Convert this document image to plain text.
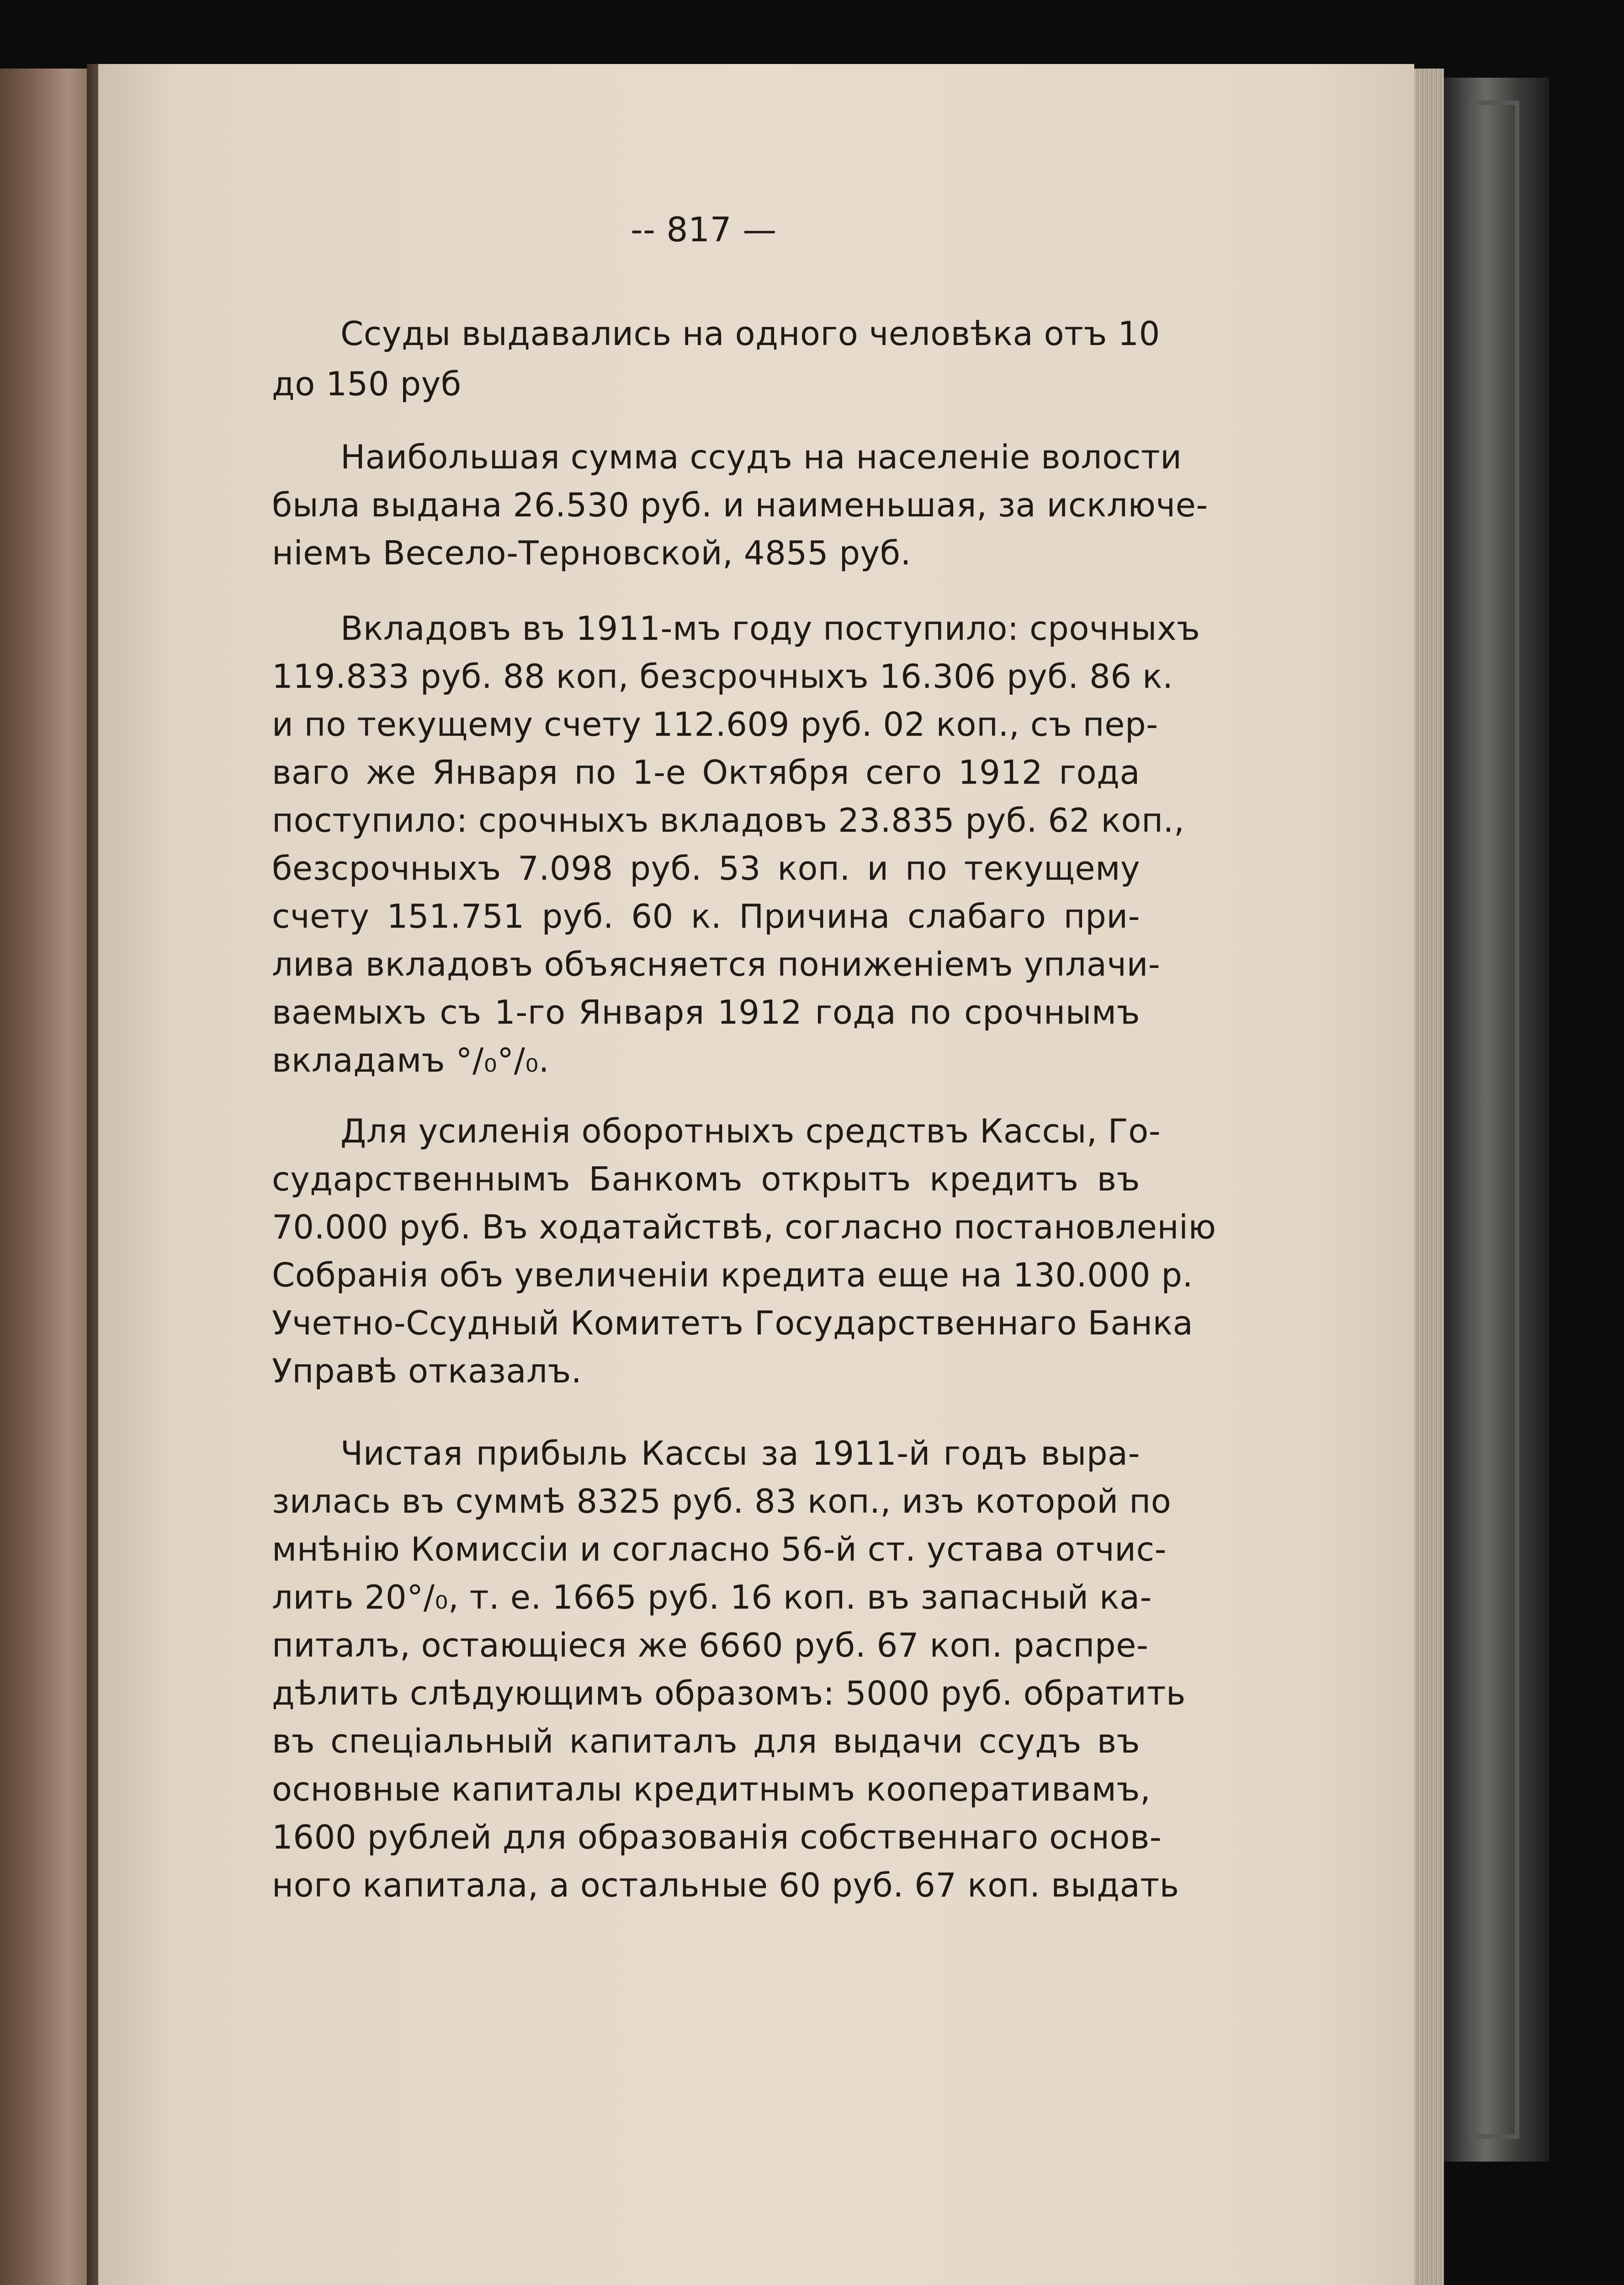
-- 817 —
Ссуды выдавались на одного человѣка отъ 10
до 150 руб
Наибольшая сумма ссудъ на населеніе волости
была выдана 26.530 руб. и наименьшая, за исключе-
ніемъ Весело-Терновской, 4855 руб.
Вкладовъ въ 1911-мъ году поступило: срочныхъ
119.833 руб. 88 коп, безсрочныхъ 16.306 руб. 86 к.
и по текущему счету 112.609 руб. 02 коп., съ пер-
ваго же Января по 1-е Октября сего 1912 года
поступило: срочныхъ вкладовъ 23.835 руб. 62 коп.,
безсрочныхъ 7.098 руб. 53 коп. и по текущему
счету 151.751 руб. 60 к. Причина слабаго при-
лива вкладовъ объясняется пониженіемъ уплачи-
ваемыхъ съ 1-го Января 1912 года по срочнымъ
вкладамъ °/₀°/₀.
Для усиленія оборотныхъ средствъ Кассы, Го-
сударственнымъ Банкомъ открытъ кредитъ въ
70.000 руб. Въ ходатайствѣ, согласно постановленію
Собранія объ увеличеніи кредита еще на 130.000 р.
Учетно-Ссудный Комитетъ Государственнаго Банка
Управѣ отказалъ.
Чистая прибыль Кассы за 1911-й годъ выра-
зилась въ суммѣ 8325 руб. 83 коп., изъ которой по
мнѣнію Комиссіи и согласно 56-й ст. устава отчис-
лить 20°/₀, т. е. 1665 руб. 16 коп. въ запасный ка-
питалъ, остающіеся же 6660 руб. 67 коп. распре-
дѣлить слѣдующимъ образомъ: 5000 руб. обратить
въ спеціальный капиталъ для выдачи ссудъ въ
основные капиталы кредитнымъ кооперативамъ,
1600 рублей для образованія собственнаго основ-
ного капитала, а остальные 60 руб. 67 коп. выдать
